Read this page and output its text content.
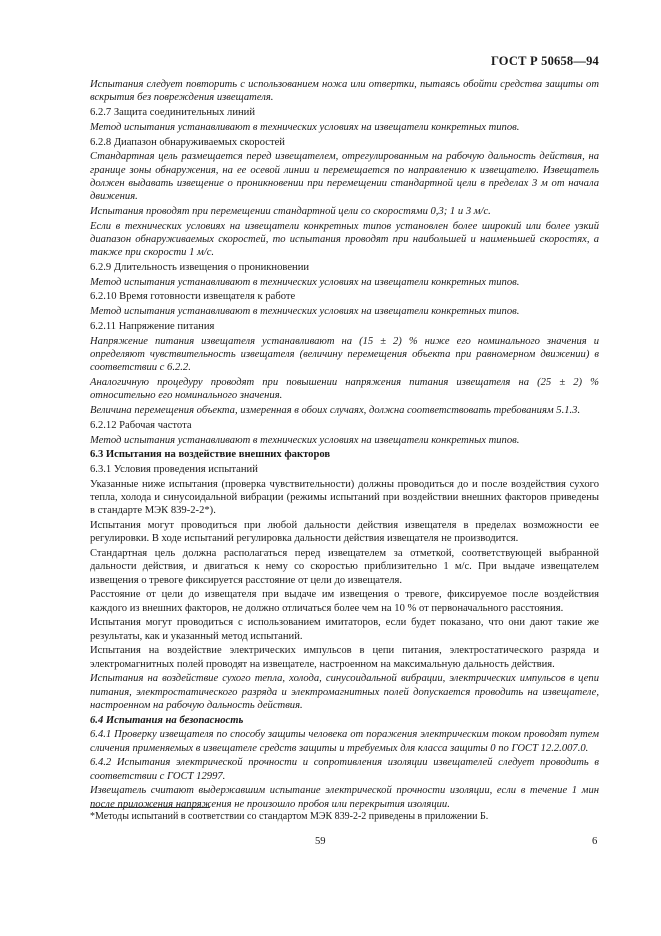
ГОСТ Р 50658—94

Испытания следует повторить с использованием ножа или отвертки, пытаясь обойти средства защиты от вскрытия без повреждения извещателя.

6.2.7 Защита соединительных линий

Метод испытания устанавливают в технических условиях на извещатели конкретных типов.

6.2.8 Диапазон обнаруживаемых скоростей

Стандартная цель размещается перед извещателем, отрегулированным на рабочую дальность действия, на границе зоны обнаружения, на ее осевой линии и перемещается по направлению к извещателю. Извещатель должен выдавать извещение о проникновении при перемещении стандартной цели в пределах 3 м от начала движения.

Испытания проводят при перемещении стандартной цели со скоростями 0,3; 1 и 3 м/с.

Если в технических условиях на извещатели конкретных типов установлен более широкий или более узкий диапазон обнаруживаемых скоростей, то испытания проводят при наибольшей и наименьшей скоростях, а также при скорости 1 м/с.

6.2.9 Длительность извещения о проникновении

Метод испытания устанавливают в технических условиях на извещатели конкретных типов.

6.2.10 Время готовности извещателя к работе

Метод испытания устанавливают в технических условиях на извещатели конкретных типов.

6.2.11 Напряжение питания

Напряжение питания извещателя устанавливают на (15 ± 2) % ниже его номинального значения и определяют чувствительность извещателя (величину перемещения объекта при равномерном движении) в соответствии с 6.2.2.

Аналогичную процедуру проводят при повышении напряжения питания извещателя на (25 ± 2) % относительно его номинального значения.

Величина перемещения объекта, измеренная в обоих случаях, должна соответствовать требованиям 5.1.3.

6.2.12 Рабочая частота

Метод испытания устанавливают в технических условиях на извещатели конкретных типов.

6.3 Испытания на воздействие внешних факторов

6.3.1 Условия проведения испытаний

Указанные ниже испытания (проверка чувствительности) должны проводиться до и после воздействия сухого тепла, холода и синусоидальной вибрации (режимы испытаний при воздействии внешних факторов приведены в стандарте МЭК 839-2-2*).

Испытания могут проводиться при любой дальности действия извещателя в пределах возможности ее регулировки. В ходе испытаний регулировка дальности действия извещателя не производится.

Стандартная цель должна располагаться перед извещателем за отметкой, соответствующей выбранной дальности действия, и двигаться к нему со скоростью приблизительно 1 м/с. При выдаче извещателем извещения о тревоге фиксируется расстояние от цели до извещателя.

Расстояние от цели до извещателя при выдаче им извещения о тревоге, фиксируемое после воздействия каждого из внешних факторов, не должно отличаться более чем на 10 % от первоначального расстояния.

Испытания могут проводиться с использованием имитаторов, если будет показано, что они дают такие же результаты, как и указанный метод испытаний.

Испытания на воздействие электрических импульсов в цепи питания, электростатического разряда и электромагнитных полей проводят на извещателе, настроенном на максимальную дальность действия.

Испытания на воздействие сухого тепла, холода, синусоидальной вибрации, электрических импульсов в цепи питания, электростатического разряда и электромагнитных полей допускается проводить на извещателе, настроенном на рабочую дальность действия.

6.4 Испытания на безопасность

6.4.1 Проверку извещателя по способу защиты человека от поражения электрическим током проводят путем сличения применяемых в извещателе средств защиты и требуемых для класса защиты 0 по ГОСТ 12.2.007.0.

6.4.2 Испытания электрической прочности и сопротивления изоляции извещателей следует проводить в соответствии с ГОСТ 12997.

Извещатель считают выдержавшим испытание электрической прочности изоляции, если в течение 1 мин после приложения напряжения не произошло пробоя или перекрытия изоляции.

*Методы испытаний в соответствии со стандартом МЭК 839-2-2 приведены в приложении Б.
59	6
